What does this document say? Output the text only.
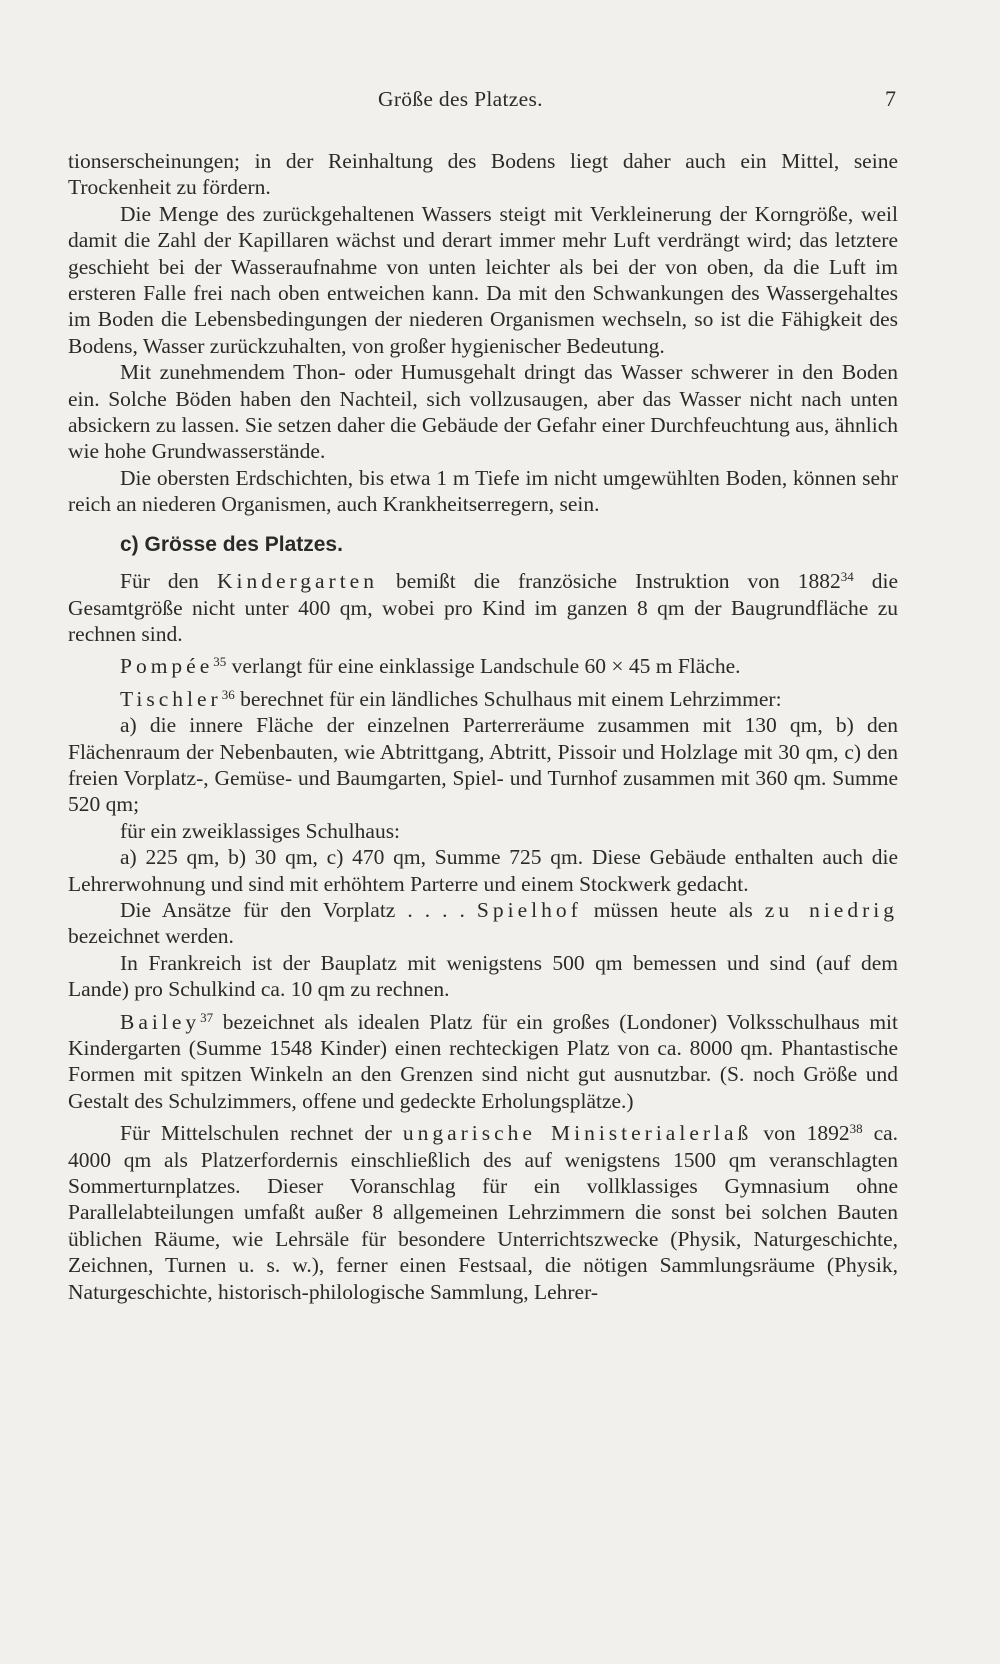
Größe des Platzes.	7

tionserscheinungen; in der Reinhaltung des Bodens liegt daher auch ein Mittel, seine Trockenheit zu fördern.

Die Menge des zurückgehaltenen Wassers steigt mit Verkleinerung der Korngröße, weil damit die Zahl der Kapillaren wächst und derart immer mehr Luft verdrängt wird; das letztere geschieht bei der Wasseraufnahme von unten leichter als bei der von oben, da die Luft im ersteren Falle frei nach oben entweichen kann. Da mit den Schwankungen des Wassergehaltes im Boden die Lebensbedingungen der niederen Organismen wechseln, so ist die Fähigkeit des Bodens, Wasser zurückzuhalten, von großer hygienischer Bedeutung.

Mit zunehmendem Thon- oder Humusgehalt dringt das Wasser schwerer in den Boden ein. Solche Böden haben den Nachteil, sich vollzusaugen, aber das Wasser nicht nach unten absickern zu lassen. Sie setzen daher die Gebäude der Gefahr einer Durchfeuchtung aus, ähnlich wie hohe Grundwasserstände.

Die obersten Erdschichten, bis etwa 1 m Tiefe im nicht umgewühlten Boden, können sehr reich an niederen Organismen, auch Krankheitserregern, sein.

c) Grösse des Platzes.

Für den Kindergarten bemißt die französiche Instruktion von 1882$^{34}$ die Gesamtgröße nicht unter 400 qm, wobei pro Kind im ganzen 8 qm der Baugrundfläche zu rechnen sind.

Pompée$^{35}$ verlangt für eine einklassige Landschule 60 × 45 m Fläche.

Tischler$^{36}$ berechnet für ein ländliches Schulhaus mit einem Lehrzimmer:

a) die innere Fläche der einzelnen Parterreräume zusammen mit 130 qm, b) den Flächenraum der Nebenbauten, wie Abtrittgang, Abtritt, Pissoir und Holzlage mit 30 qm, c) den freien Vorplatz-, Gemüse- und Baumgarten, Spiel- und Turnhof zusammen mit 360 qm. Summe 520 qm;

für ein zweiklassiges Schulhaus:

a) 225 qm, b) 30 qm, c) 470 qm, Summe 725 qm. Diese Gebäude enthalten auch die Lehrerwohnung und sind mit erhöhtem Parterre und einem Stockwerk gedacht.

Die Ansätze für den Vorplatz . . . . Spielhof müssen heute als zu niedrig bezeichnet werden.

In Frankreich ist der Bauplatz mit wenigstens 500 qm bemessen und sind (auf dem Lande) pro Schulkind ca. 10 qm zu rechnen.

Bailey$^{37}$ bezeichnet als idealen Platz für ein großes (Londoner) Volksschulhaus mit Kindergarten (Summe 1548 Kinder) einen rechteckigen Platz von ca. 8000 qm. Phantastische Formen mit spitzen Winkeln an den Grenzen sind nicht gut ausnutzbar. (S. noch Größe und Gestalt des Schulzimmers, offene und gedeckte Erholungsplätze.)

Für Mittelschulen rechnet der ungarische Ministerialerlaß von 1892$^{38}$ ca. 4000 qm als Platzerfordernis einschließlich des auf wenigstens 1500 qm veranschlagten Sommerturnplatzes. Dieser Voranschlag für ein vollklassiges Gymnasium ohne Parallelabteilungen umfaßt außer 8 allgemeinen Lehrzimmern die sonst bei solchen Bauten üblichen Räume, wie Lehrsäle für besondere Unterrichtszwecke (Physik, Naturgeschichte, Zeichnen, Turnen u. s. w.), ferner einen Festsaal, die nötigen Sammlungsräume (Physik, Naturgeschichte, historisch-philologische Sammlung, Lehrer-
